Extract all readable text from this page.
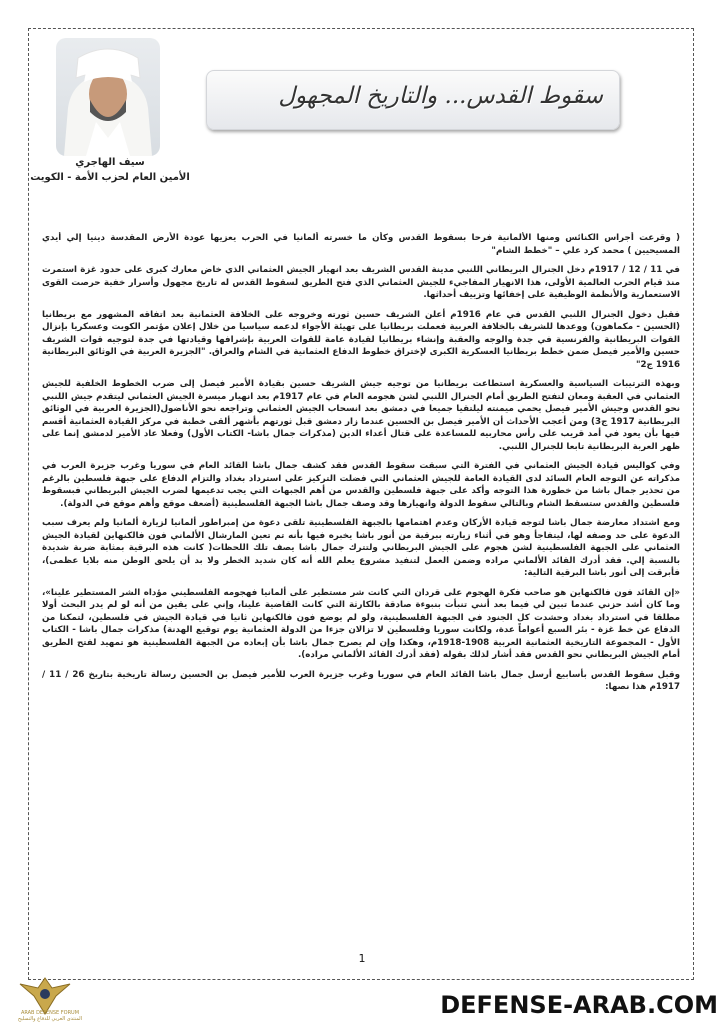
سيف الهاجري
الأمين العام لحزب الأمة - الكويت
سقوط القدس... والتاريخ المجهول

( وقرعت أجراس الكنائس ومنها الألمانية فرحا بسقوط القدس وكأن ما خسرته ألمانيا في الحرب يعزيها عودة الأرض المقدسة دينيا إلي أيدي المسيحيين ) محمد كرد علي – "خطط الشام"

في 11 / 12 / 1917م دخل الجنرال البريطاني اللنبي مدينة القدس الشريف بعد انهيار الجيش العثماني الذي خاض معارك كبرى على حدود غزة استمرت منذ قيام الحرب العالمية الأولى، هذا الانهيار المفاجيء للجيش العثماني الذي فتح الطريق لسقوط القدس له تاريخ مجهول وأسرار خفية حرصت القوى الاستعمارية والأنظمة الوظيفية على إخفائها وتزييف أحداثها.

فقبل دخول الجنرال اللنبي القدس في عام 1916م أعلن الشريف حسين ثورته وخروجه على الخلافة العثمانية بعد اتفاقه المشهور مع بريطانيا (الحسين - مكماهون) ووعدها للشريف بالخلافة العربية فعملت بريطانيا على تهيئة الأجواء لدعمه سياسيا من خلال إعلان مؤتمر الكويت وعسكريا بإنزال القوات البريطانية والفرنسية في جدة والوجه والعقبة وإنشاء بريطانيا لقيادة عامة للقوات العربية بإشرافها وقيادتها في جدة لتوجيه قوات الشريف حسين والأمير فيصل ضمن خطط بريطانيا العسكرية الكبرى لإختراق خطوط الدفاع العثمانية في الشام والعراق. "الجزيرة العربية في الوثائق البريطانية 1916 ج2"

وبهذه الترتيبات السياسية والعسكرية استطاعت بريطانيا من توجيه جيش الشريف حسين بقيادة الأمير فيصل إلى ضرب الخطوط الخلفية للجيش العثماني في العقبة ومعان لتفتح الطريق أمام الجنرال اللنبي لشن هجومه العام في عام 1917م بعد انهيار ميسرة الجيش العثماني ليتقدم جيش اللنبي نحو القدس وجيش الأمير فيصل يحمي ميمنته ليلتقيا جميعا في دمشق بعد انسحاب الجيش العثماني وتراجعه نحو الأناضول(الجزيرة العربية في الوثائق البريطانية 1917 ج3) ومن أعجب الأحداث أن الأمير فيصل بن الحسين عندما زار دمشق قبل ثورتهم بأشهر ألقى خطبة في مركز القيادة العثمانية أقسم فيها بأن يعود في أمد قريب على رأس محاربيه للمساعدة على قتال أعداء الدين (مذكرات جمال باشا- الكتاب الأول) وفعلا عاد الأمير لدمشق إنما على ظهر العربة البريطانية تابعا للجنرال اللنبي.

وفي كواليس قيادة الجيش العثماني في الفترة التي سبقت سقوط القدس فقد كشف جمال باشا القائد العام في سوريا وغرب جزيرة العرب في مذكراته عن التوجه العام السائد لدى القيادة العامة للجيش العثماني التي فضلت التركيز على استرداد بغداد والتزام الدفاع على جبهة فلسطين بالرغم من تحذير جمال باشا من خطورة هذا التوجه وأكد على جبهة فلسطين والقدس من أهم الجبهات التي يجب تدعيمها لضرب الجيش البريطاني فبسقوط فلسطين والقدس ستسقط الشام وبالتالي سقوط الدولة وانهيارها وقد وصف جمال باشا الجبهة الفلسطينية (أضعف موقع وأهم موقع في الدولة).

ومع اشتداد معارضة جمال باشا لتوجه قيادة الأركان وعدم اهتمامها بالجبهة الفلسطينية تلقى دعوة من إمبراطور ألمانيا لزيارة ألمانيا ولم يعرف سبب الدعوة على حد وصفه لها، ليتفاجأ وهو في أثناء زيارته ببرقية من أنور باشا يخبره فيها بأنه تم تعين المارشال الألماني فون فالكنهاين لقيادة الجيش العثماني على الجبهة الفلسطينية لشن هجوم على الجيش البريطاني ولتترك جمال باشا يصف تلك اللحظات( كانت هذه البرقية بمثابة ضربة شديدة بالنسبة إلي. فقد أدرك القائد الألماني مراده وضمن العمل لتنفيذ مشروع يعلم الله أنه كان شديد الخطر ولا بد أن يلحق الوطن منه بلايا عظمى)، فأبرقت إلى أنور باشا البرقية التالية:

«إن القائد فون فالكنهاين هو صاحب فكرة الهجوم على قردان التي كانت شر مستطير على ألمانيا فهجومه الفلسطيني مؤداه الشر المستطير علينا»، وما كان أشد حزني عندما تبين لي فيما بعد أنني تنبأت بنبوءة صادقة بالكارثة التي كانت القاضية علينا، وإني على يقين من أنه لو لم يدر البحث أولا مطلقا في استرداد بغداد وحشدت كل الجنود في الجبهة الفلسطينية، ولو لم يوضع فون فالكنهاين ثانيا في قيادة الجيش في فلسطين، لتمكنا من الدفاع عن خط غزة - بئر السبع أعواماً عدة، ولكانت سوريا وفلسطين لا تزالان جزءا من الدولة العثمانية يوم توقيع الهدنة) مذكرات جمال باشا - الكتاب الأول - المجموعة التاريخية العثمانية العربية 1908-1918م، وهكذا وإن لم يصرح جمال باشا بأن إبعاده من الجبهة الفلسطينية هو تمهيد لفتح الطريق أمام الجيش البريطاني نحو القدس فقد أشار لذلك بقوله (فقد أدرك القائد الألماني مراده).

وقبل سقوط القدس بأسابيع أرسل جمال باشا القائد العام في سوريا وغرب جزيرة العرب للأمير فيصل بن الحسين رسالة تاريخية بتاريخ 26 / 11 / 1917م هذا نصها:

1
ARAB DEFENSE FORUM
المنتدى العربي للدفاع والتسليح	DEFENSE-ARAB.COM
